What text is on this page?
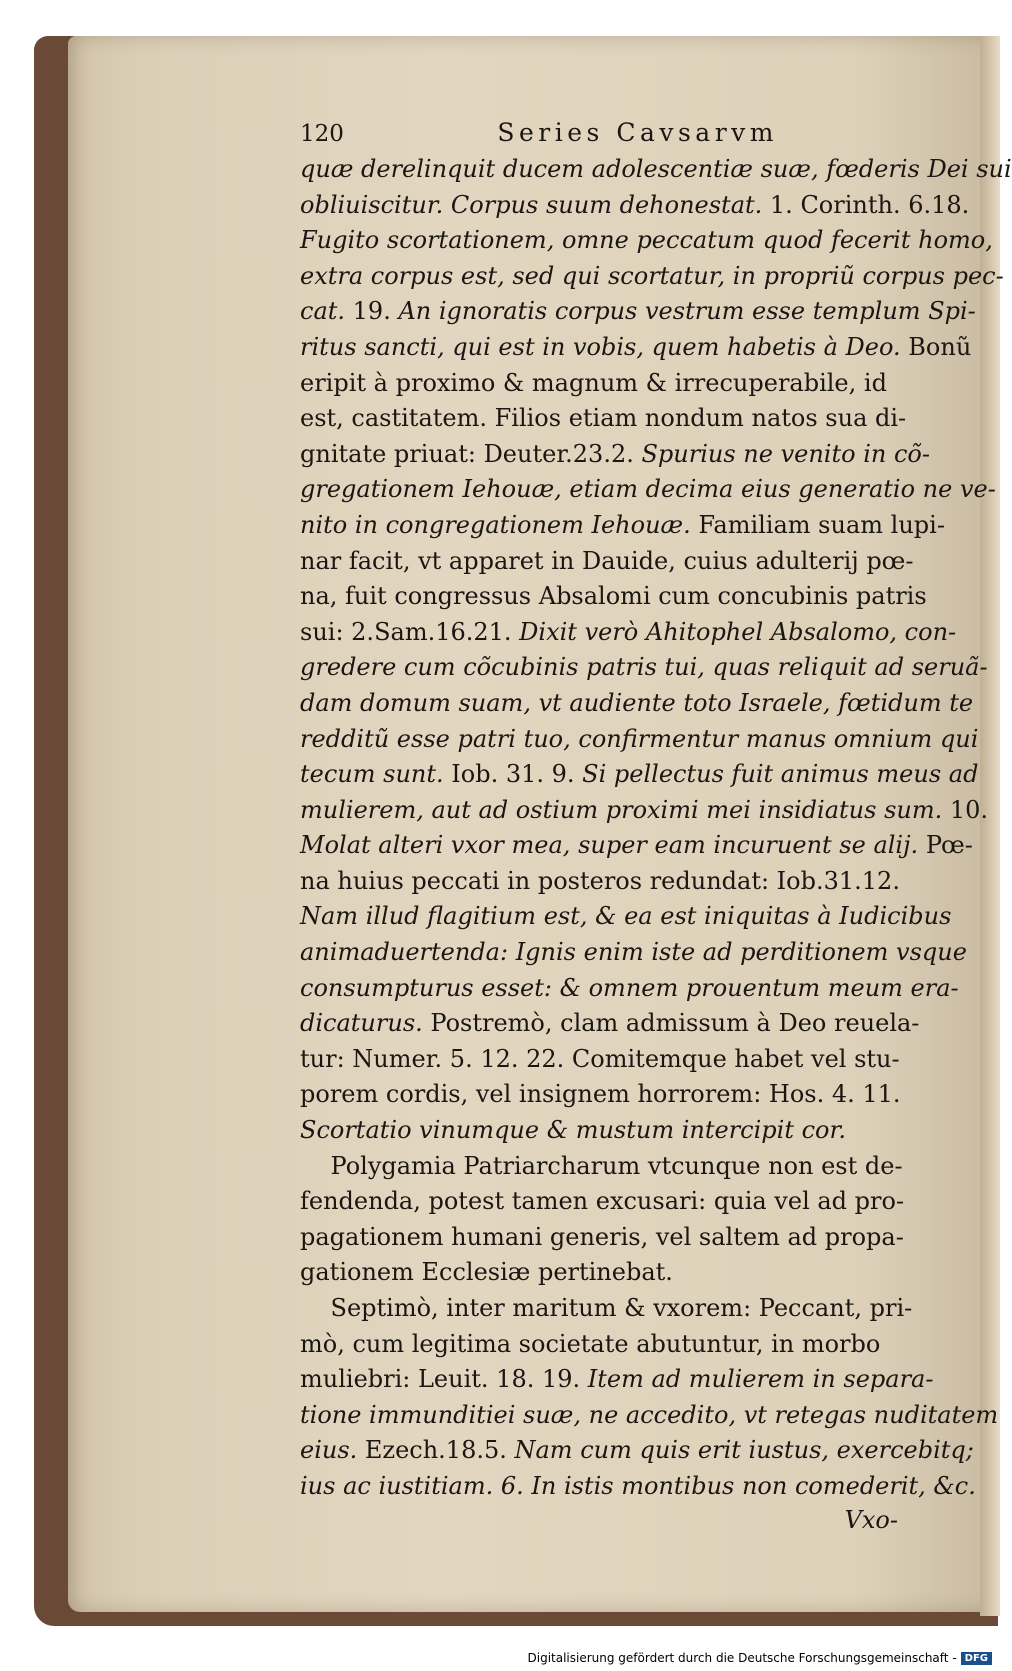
120	Series Cavsarvm
quæ derelinquit ducem adolescentiæ suæ, fœderis Dei sui
obliuiscitur. Corpus suum dehonestat. 1. Corinth. 6.18.
Fugito scortationem, omne peccatum quod fecerit homo,
extra corpus est, sed qui scortatur, in propriũ corpus pec-
cat. 19. An ignoratis corpus vestrum esse templum Spi-
ritus sancti, qui est in vobis, quem habetis à Deo. Bonũ
eripit à proximo & magnum & irrecuperabile, id
est, castitatem. Filios etiam nondum natos sua di-
gnitate priuat: Deuter.23.2. Spurius ne venito in cõ-
gregationem Iehouæ, etiam decima eius generatio ne ve-
nito in congregationem Iehouæ. Familiam suam lupi-
nar facit, vt apparet in Dauide, cuius adulterij pœ-
na, fuit congressus Absalomi cum concubinis patris
sui: 2.Sam.16.21. Dixit verò Ahitophel Absalomo, con-
gredere cum cõcubinis patris tui, quas reliquit ad seruã-
dam domum suam, vt audiente toto Israele, fœtidum te
redditũ esse patri tuo, confirmentur manus omnium qui
tecum sunt. Iob. 31. 9. Si pellectus fuit animus meus ad
mulierem, aut ad ostium proximi mei insidiatus sum. 10.
Molat alteri vxor mea, super eam incuruent se alij. Pœ-
na huius peccati in posteros redundat: Iob.31.12.
Nam illud flagitium est, & ea est iniquitas à Iudicibus
animaduertenda: Ignis enim iste ad perditionem vsque
consumpturus esset: & omnem prouentum meum era-
dicaturus. Postremò, clam admissum à Deo reuela-
tur: Numer. 5. 12. 22. Comitemque habet vel stu-
porem cordis, vel insignem horrorem: Hos. 4. 11.
Scortatio vinumque & mustum intercipit cor.
Polygamia Patriarcharum vtcunque non est de-
fendenda, potest tamen excusari: quia vel ad pro-
pagationem humani generis, vel saltem ad propa-
gationem Ecclesiæ pertinebat.
Septimò, inter maritum & vxorem: Peccant, pri-
mò, cum legitima societate abutuntur, in morbo
muliebri: Leuit. 18. 19. Item ad mulierem in separa-
tione immunditiei suæ, ne accedito, vt retegas nuditatem
eius. Ezech.18.5. Nam cum quis erit iustus, exercebitq;
ius ac iustitiam. 6. In istis montibus non comederit, &c.
Vxo-
Digitalisierung gefördert durch die Deutsche Forschungsgemeinschaft - DFG
